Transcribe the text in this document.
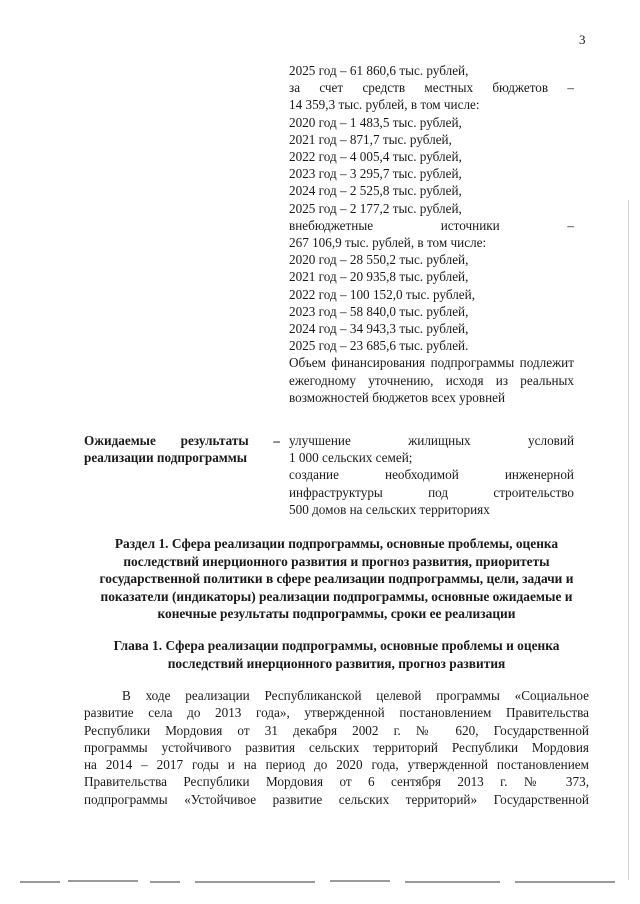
3
2025 год – 61 860,6 тыс. рублей,
за счет средств местных бюджетов –
14 359,3 тыс. рублей, в том числе:
2020 год – 1 483,5 тыс. рублей,
2021 год – 871,7 тыс. рублей,
2022 год – 4 005,4 тыс. рублей,
2023 год – 3 295,7 тыс. рублей,
2024 год – 2 525,8 тыс. рублей,
2025 год – 2 177,2 тыс. рублей,
внебюджетные источники –
267 106,9 тыс. рублей, в том числе:
2020 год – 28 550,2 тыс. рублей,
2021 год – 20 935,8 тыс. рублей,
2022 год – 100 152,0 тыс. рублей,
2023 год – 58 840,0 тыс. рублей,
2024 год – 34 943,3 тыс. рублей,
2025 год – 23 685,6 тыс. рублей.
Объем финансирования подпрограммы подлежит ежегодному уточнению, исходя из реальных возможностей бюджетов всех уровней
Ожидаемые результаты –
реализации подпрограммы
улучшение жилищных условий
1 000 сельских семей;
создание необходимой инженерной
инфраструктуры под строительство
500 домов на сельских территориях
Раздел 1. Сфера реализации подпрограммы, основные проблемы, оценка последствий инерционного развития и прогноз развития, приоритеты государственной политики в сфере реализации подпрограммы, цели, задачи и показатели (индикаторы) реализации подпрограммы, основные ожидаемые и конечные результаты подпрограммы, сроки ее реализации
Глава 1. Сфера реализации подпрограммы, основные проблемы и оценка последствий инерционного развития, прогноз развития
В ходе реализации Республиканской целевой программы «Социальное
развитие села до 2013 года», утвержденной постановлением Правительства
Республики Мордовия от 31 декабря 2002 г. № 620, Государственной
программы устойчивого развития сельских территорий Республики Мордовия
на 2014 – 2017 годы и на период до 2020 года, утвержденной постановлением
Правительства Республики Мордовия от 6 сентября 2013 г. № 373,
подпрограммы «Устойчивое развитие сельских территорий» Государственной
